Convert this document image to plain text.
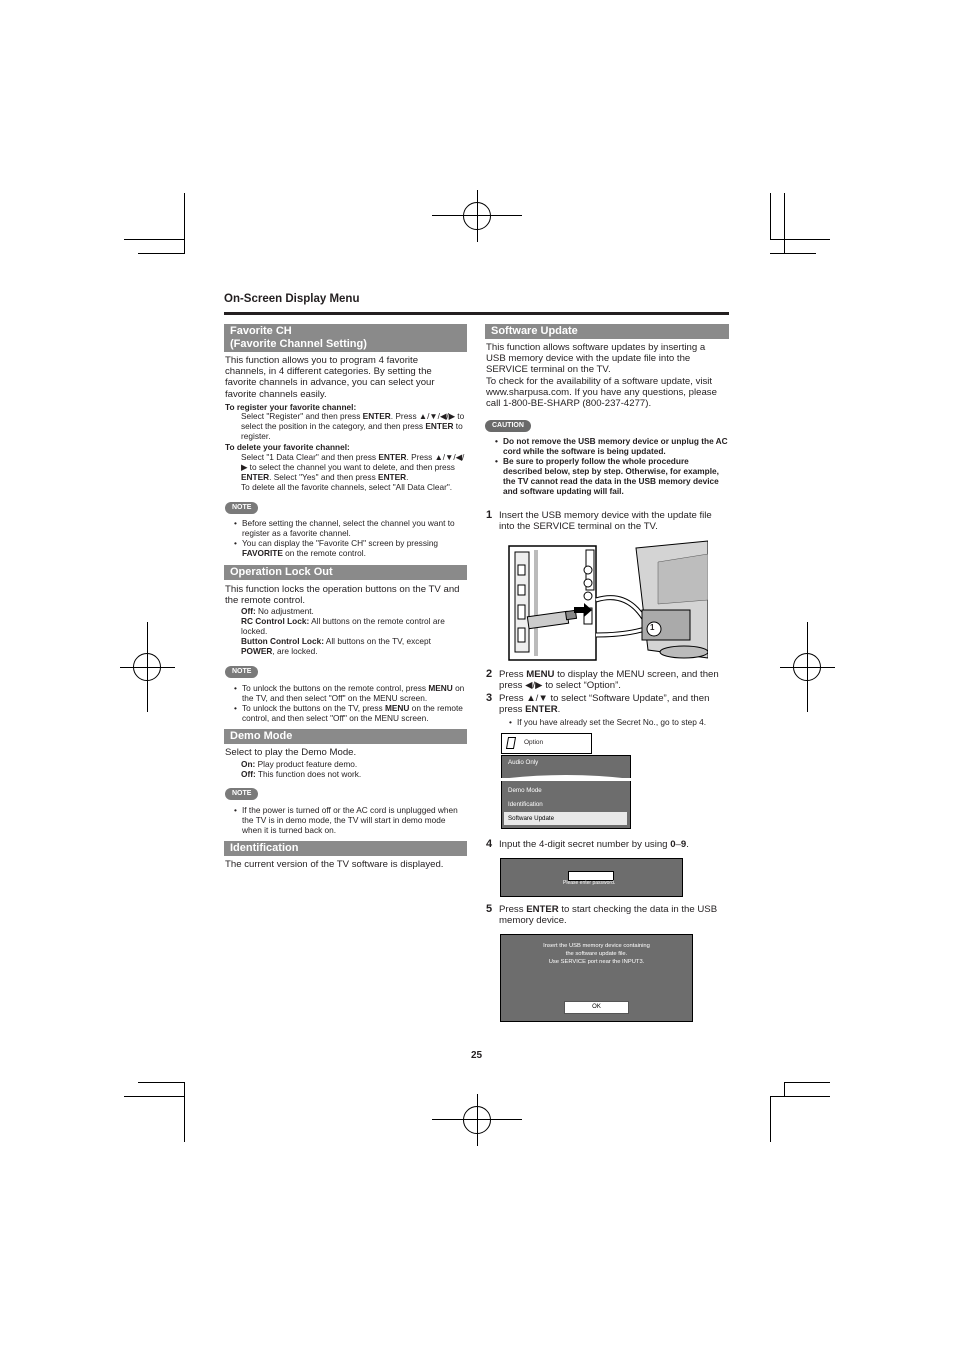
On-Screen Display Menu
Favorite CH
(Favorite Channel Setting)
This function allows you to program 4 favorite channels, in 4 different categories. By setting the favorite channels in advance, you can select your favorite channels easily.
To register your favorite channel:
Select "Register" and then press ENTER. Press ▲/▼/◀/▶ to select the position in the category, and then press ENTER to register.
To delete your favorite channel:
Select "1 Data Clear" and then press ENTER. Press ▲/▼/◀/▶ to select the channel you want to delete, and then press ENTER. Select "Yes" and then press ENTER.
To delete all the favorite channels, select "All Data Clear".
NOTE
• Before setting the channel, select the channel you want to register as a favorite channel.
• You can display the "Favorite CH" screen by pressing FAVORITE on the remote control.
Operation Lock Out
This function locks the operation buttons on the TV and the remote control.
Off: No adjustment.
RC Control Lock: All buttons on the remote control are locked.
Button Control Lock: All buttons on the TV, except POWER, are locked.
NOTE
• To unlock the buttons on the remote control, press MENU on the TV, and then select "Off" on the MENU screen.
• To unlock the buttons on the TV, press MENU on the remote control, and then select "Off" on the MENU screen.
Demo Mode
Select to play the Demo Mode.
On: Play product feature demo.
Off: This function does not work.
NOTE
• If the power is turned off or the AC cord is unplugged when the TV is in demo mode, the TV will start in demo mode when it is turned back on.
Identification
The current version of the TV software is displayed.
Software Update
This function allows software updates by inserting a USB memory device with the update file into the SERVICE terminal on the TV.
To check for the availability of a software update, visit www.sharpusa.com. If you have any questions, please call 1-800-BE-SHARP (800-237-4277).
CAUTION
• Do not remove the USB memory device or unplug the AC cord while the software is being updated.
• Be sure to properly follow the whole procedure described below, step by step. Otherwise, for example, the TV cannot read the data in the USB memory device and software updating will fail.
1 Insert the USB memory device with the update file into the SERVICE terminal on the TV.
1
2 Press MENU to display the MENU screen, and then press ◀/▶ to select “Option”.
3 Press ▲/▼ to select “Software Update”, and then press ENTER.
• If you have already set the Secret No., go to step 4.
Option
Audio Only
Demo Mode
Identification
Software Update
4 Input the 4-digit secret number by using 0–9.
Please enter password.
5 Press ENTER to start checking the data in the USB memory device.
Insert the USB memory device containing
the software update file.
Use SERVICE port near the INPUT3.
OK
25
